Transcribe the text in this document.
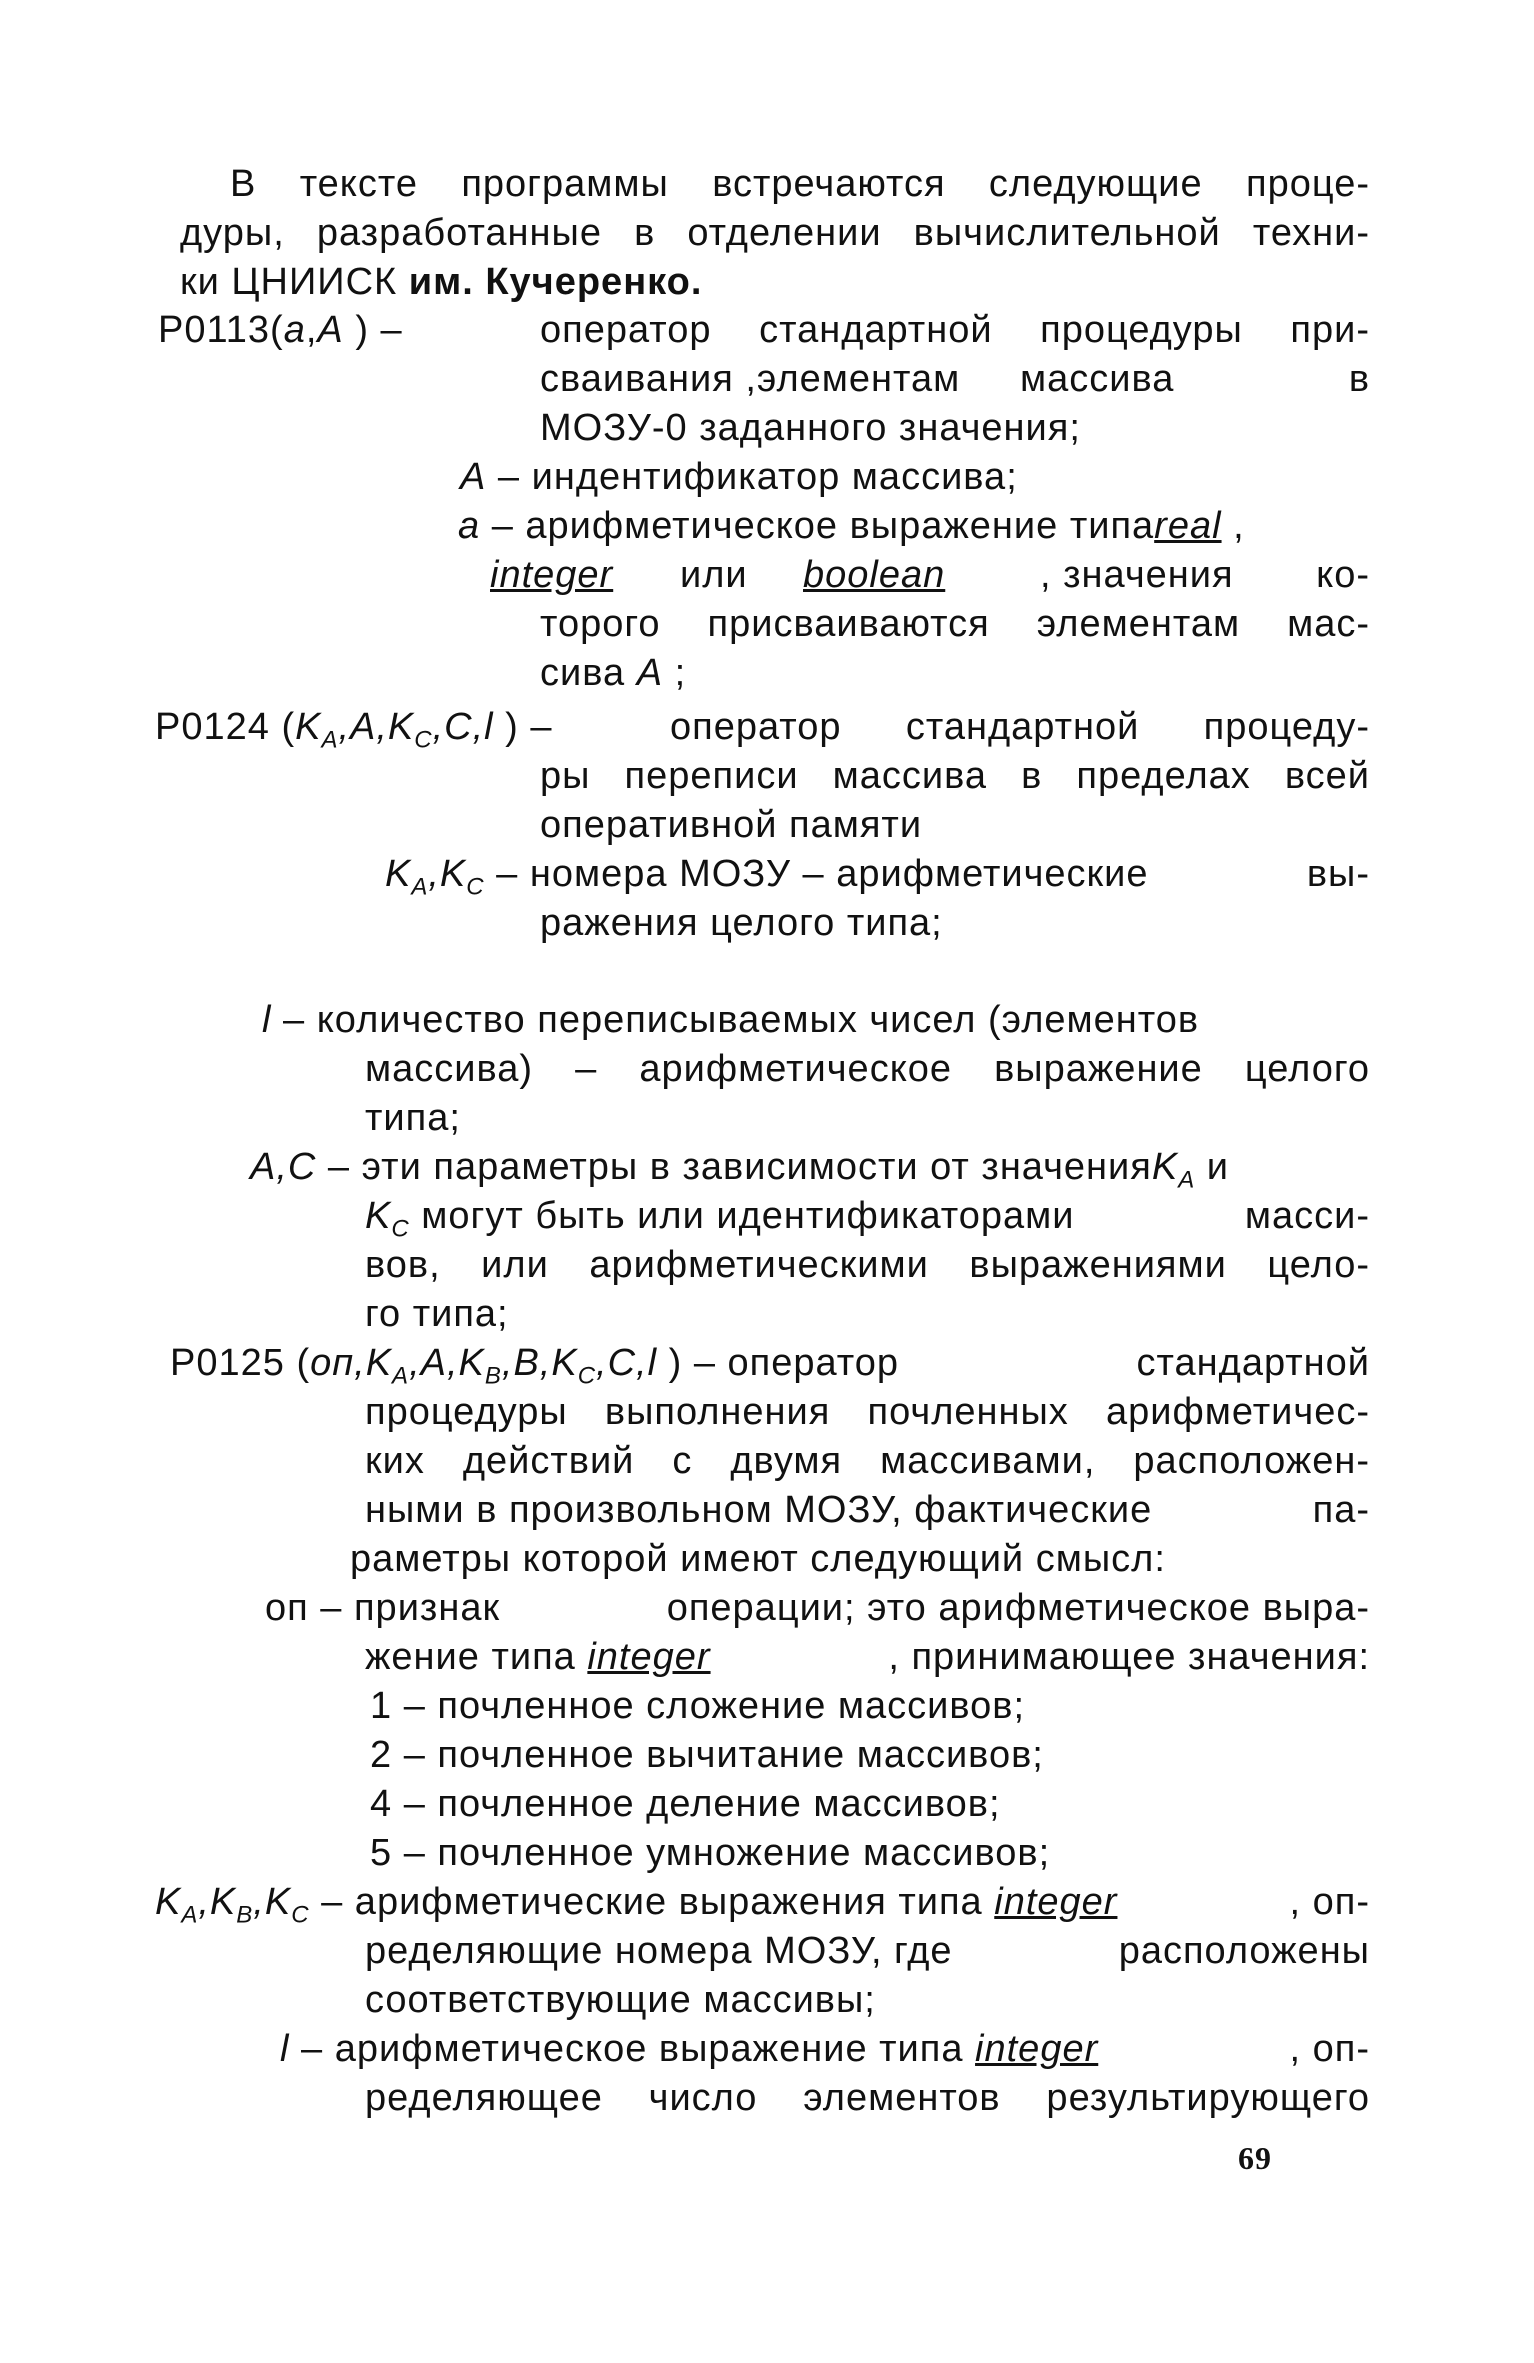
В тексте программы встречаются следующие проце-
дуры, разработанные в отделении вычислительной техни-
ки ЦНИИСК им. Кучеренко.
Р0113(a,A ) –	оператор стандартной процедуры при-
сваивания ,элементам массива	в
МОЗУ-0 заданного значения;
A – индентификатор массива;
a – арифметическое выражение типаreal ,
integer или boolean , значения ко-
торого присваиваются элементам мас-
сива A ;
Р0124 ($K_A,A,K_C,C,l$ ) –	оператор стандартной процеду-
ры переписи массива в пределах всей
оперативной памяти
$K_A,K_C$ – номера МОЗУ – арифметические	вы-
ражения целого типа;
l – количество переписываемых чисел (элементов
массива) – арифметическое выражение целого
типа;
A,C – эти параметры в зависимости от значенияK$_A$ и
$K_C$ могут быть или идентификаторами	масси-
вов, или арифметическими выражениями цело-
го типа;
Р0125 ($оп,K_A,A,K_B,B,K_C,C,l$ ) – оператор	стандартной
процедуры выполнения почленных арифметичес-
ких действий с двумя массивами, расположен-
ными в произвольном МОЗУ, фактические	па-
раметры которой имеют следующий смысл:
оп – признак	операции; это арифметическое выра-
жение типа integer	, принимающее значения:
1 – почленное сложение массивов;
2 – почленное вычитание массивов;
4 – почленное деление массивов;
5 – почленное умножение массивов;
$K_A,K_B,K_C$ – арифметические выражения типа integer	, оп-
ределяющие номера МОЗУ, где	расположены
соответствующие массивы;
l – арифметическое выражение типа integer	, оп-
ределяющее число элементов результирующего
69
